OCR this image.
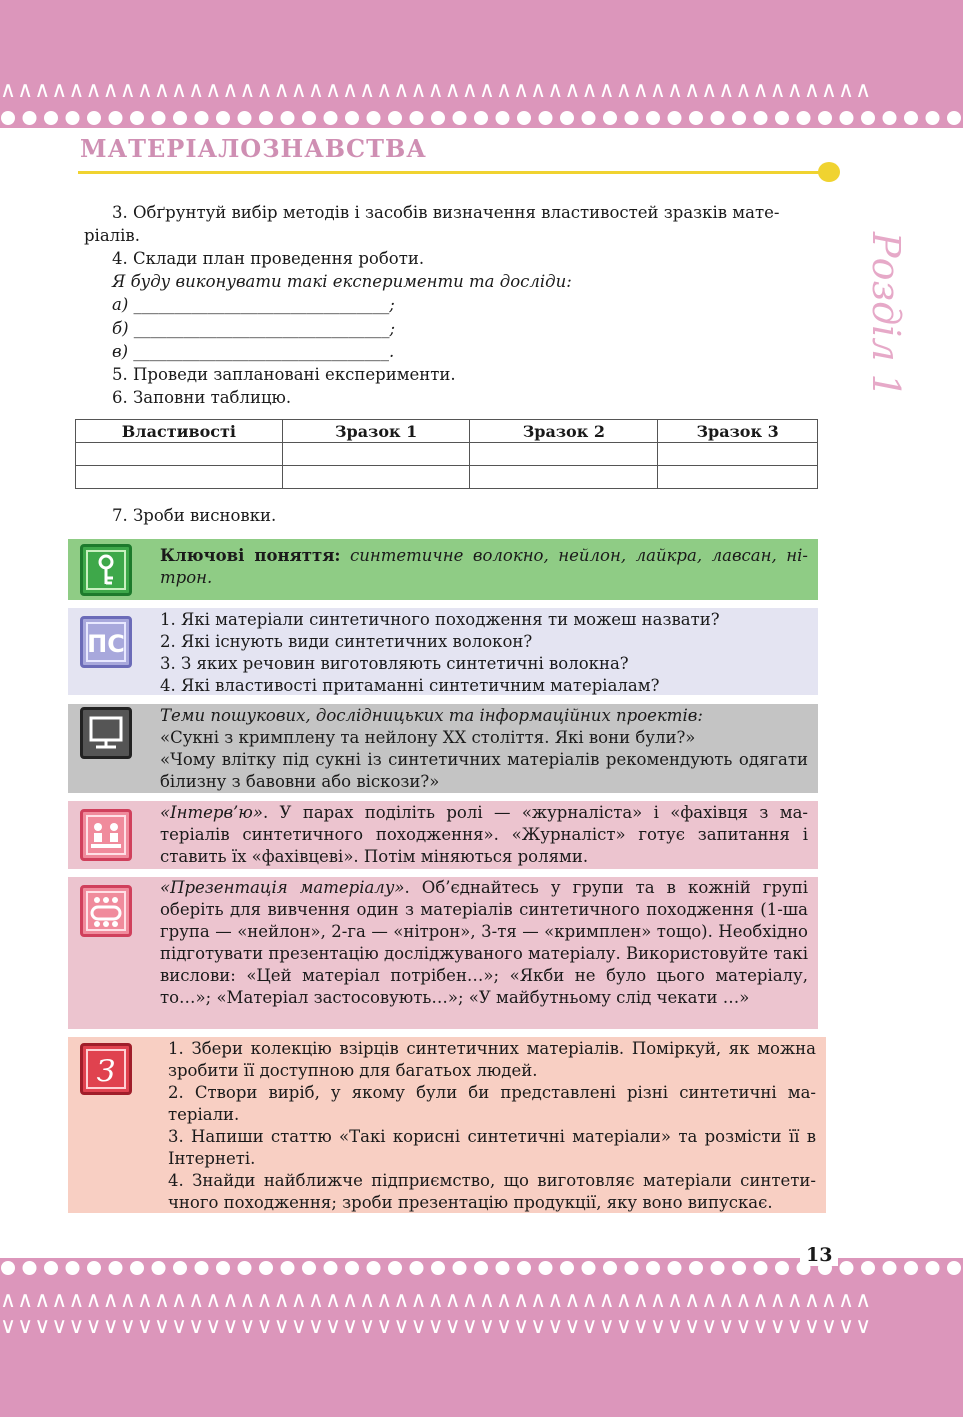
∧∧∧∧∧∧∧∧∧∧∧∧∧∧∧∧∧∧∧∧∧∧∧∧∧∧∧∧∧∧∧∧∧∧∧∧∧∧∧∧∧∧∧∧∧∧∧∧∧∧∧
МАТЕРІАЛОЗНАВСТВА
Розділ 1
3. Обґрунтуй вибір методів і засобів визначення властивостей зразків матеріалів.
4. Склади план проведення роботи.
Я буду виконувати такі експерименти та досліди:
а) _______________________________;
б) _______________________________;
в) _______________________________.
5. Проведи заплановані експерименти.
6. Заповни таблицю.
Властивості	Зразок 1	Зразок 2	Зразок 3

7. Зроби висновки.

Ключові поняття: синтетичне волокно, нейлон, лайкра, лавсан, нітрон.

ПС

1. Які матеріали синтетичного походження ти можеш назвати?

2. Які існують види синтетичних волокон?

3. З яких речовин виготовляють синтетичні волокна?

4. Які властивості притаманні синтетичним матеріалам?

Теми пошукових, дослідницьких та інформаційних проектів:

«Сукні з кримплену та нейлону XX століття. Які вони були?»

«Чому влітку під сукні із синтетичних матеріалів рекомендують одягати білизну з бавовни або віскози?»

«Інтерв’ю». У парах поділіть ролі — «журналіста» і «фахівця з матеріалів синтетичного походження». «Журналіст» готує запитання і ставить їх «фахівцеві». Потім міняються ролями.

«Презентація матеріалу». Об’єднайтесь у групи та в кожній групі оберіть для вивчення один з матеріалів синтетичного походження (1-ша група — «нейлон», 2-га — «нітрон», 3-тя — «кримплен» тощо). Необхідно підготувати презентацію досліджуваного матеріалу. Використовуйте такі вислови: «Цей матеріал потрібен…»; «Якби не було цього матеріалу, то…»; «Матеріал застосовують…»; «У майбутньому слід чекати …»

З

1. Збери колекцію взірців синтетичних матеріалів. Поміркуй, як можна зробити її доступною для багатьох людей.

2. Створи виріб, у якому були би представлені різні синтетичні матеріали.

3. Напиши статтю «Такі корисні синтетичні матеріали» та розмісти її в Інтернеті.

4. Знайди найближче підприємство, що виготовляє матеріали синтетичного походження; зроби презентацію продукції, яку воно випускає.

∧∧∧∧∧∧∧∧∧∧∧∧∧∧∧∧∧∧∧∧∧∧∧∧∧∧∧∧∧∧∧∧∧∧∧∧∧∧∧∧∧∧∧∧∧∧∧∧∧∧∧
∨∨∨∨∨∨∨∨∨∨∨∨∨∨∨∨∨∨∨∨∨∨∨∨∨∨∨∨∨∨∨∨∨∨∨∨∨∨∨∨∨∨∨∨∨∨∨∨∨∨∨
13
